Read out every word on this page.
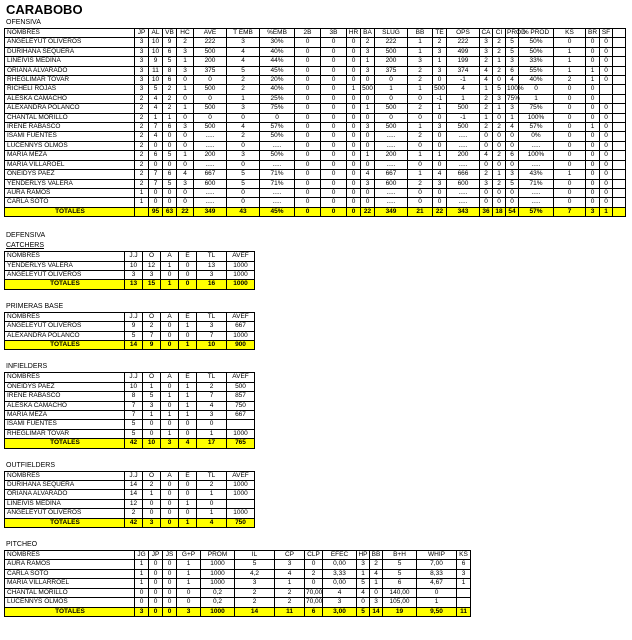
CARABOBO
OFENSIVA
NOMBRES	JP	AL	VB	HC	AVE	T EMB	%EMB	2B	3B	HR	BA	SLUG	BB	TE	OPS	CA	CI	PROD	% PROD	KS	BR	SF	
ANGELEYUT OLIVEROS	3	10	9	2	222	3	30%	0	0	0	2	222	1	2	222	3	2	5	50%	0	0	0	
DURIHANA SEQUERA	3	10	6	3	500	4	40%	0	0	0	3	500	1	3	499	3	2	5	50%	1	0	0	
LINEIVIS MEDINA	3	9	5	1	200	4	44%	0	0	0	1	200	3	1	199	2	1	3	33%	1	0	0	
ORIANA ALVARADO	3	11	8	3	375	5	45%	0	0	0	3	375	2	3	374	4	2	6	55%	1	1	0	
RHEGLIMAR TOVAR	3	10	6	0	0	2	20%	0	0	0	0	0	2	0	-1	4	0	4	40%	2	1	0	
RICHELI ROJAS	3	5	2	1	500	2	40%	0	0	1	500	1	1	500	4	1	5	100%	0	0	0		
ALESKA CAMACHO	2	4	2	0	0	1	25%	0	0	0	0	0	0	-1	1	2	3	75%	1	0	0		
ALEXANDRA POLANCO	2	4	2	1	500	3	75%	0	0	0	1	500	2	1	500	2	1	3	75%	0	0	0	
CHANTAL MORILLO	2	1	1	0	0	0	0	0	0	0	0	0	0	0	-1	1	0	1	100%	0	0	0	
IRENE RABASCO	2	7	6	3	500	4	57%	0	0	0	3	500	1	3	500	2	2	4	57%	0	1	0	
ISAMI FUENTES	2	4	0	0	.....	2	50%	0	0	0	0	.....	2	0	.....	0	0	0	0%	0	0	0	
LUCENNYS OLMOS	2	0	0	0	.....	0	.....	0	0	0	0	.....	0	0	.....	0	0	0	.....	0	0	0	
MARIA MEZA	2	6	5	1	200	3	50%	0	0	0	1	200	1	1	200	4	2	6	100%	0	0	0	
MARIA VILLAROEL	2	0	0	0	.....	0	.....	0	0	0	0	.....	0	0	.....	0	0	0	.....	0	0	0	
ONEIDYS PAEZ	2	7	6	4	667	5	71%	0	0	0	4	667	1	4	666	2	1	3	43%	1	0	0	
YENDERLYS VALERA	2	7	5	3	600	5	71%	0	0	0	3	600	2	3	600	3	2	5	71%	0	0	0	
AURA RAMOS	1	0	0	0	.....	0	.....	0	0	0	0	.....	0	0	.....	0	0	0	.....	0	0	0	
CARLA SOTO	1	0	0	0	.....	0	.....	0	0	0	0	.....	0	0	.....	0	0	0	.....	0	0	0	
TOTALES		95	63	22	349	43	45%	0	0	0	22	349	21	22	343	36	18	54	57%	7	3	1	
DEFENSIVA
CATCHERS
NOMBRES	J.J	O	A	E	TL	AVEF
YENDERLYS VALERA	10	12	1	0	13	1000
ANGELEYUT OLIVEROS	3	3	0	0	3	1000
TOTALES	13	15	1	0	16	1000
PRIMERAS BASE
NOMBRES	J.J	O	A	E	TL	AVEF
ANGELEYUT OLIVEROS	9	2	0	1	3	667
ALEXANDRA POLANCO	5	7	0	0	7	1000
TOTALES	14	9	0	1	10	900
INFIELDERS
NOMBRES	J.J	O	A	E	TL	AVEF
ONEIDYS PAEZ	10	1	0	1	2	500
IRENE RABASCO	8	5	1	1	7	857
ALESKA CAMACHO	7	3	0	1	4	750
MARIA MEZA	7	1	1	1	3	667
ISAMI FUENTES	5	0	0	0	0	
RHEGLIMAR TOVAR	5	0	1	0	1	1000
TOTALES	42	10	3	4	17	765
OUTFIELDERS
NOMBRES	J.J	O	A	E	TL	AVEF
DURIHANA SEQUERA	14	2	0	0	2	1000
ORIANA ALVARADO	14	1	0	0	1	1000
LINEIVIS MEDINA	12	0	0	1	0	
ANGELEYUT OLIVEROS	2	0	0	0	1	1000
TOTALES	42	3	0	1	4	750
PITCHEO
NOMBRES	JG	JP	JS	G+P	PROM	IL	CP	CLP	EFEC	HP	BB	B+H	WHIP	KS
AURA RAMOS	1	0	0	1	1000	5	3	0	0,00	3	2	5	7,00	6
CARLA SOTO	1	0	0	1	1000	4,2	4	2	3,33	1	4	5	8,33	3
MARIA VILLARROEL	1	0	0	1	1000	3	1	0	0,00	5	1	6	4,67	1
CHANTAL MORILLO	0	0	0	0	0,2	2	2	70,00	4	4	0	140,00	0	
LUCENNYS OLMOS	0	0	0	0	0,2	2	2	70,00	3	0	3	105,00	1	
TOTALES	3	0	0	3	1000	14	11	6	3,00	5	14	19	9,50	11
